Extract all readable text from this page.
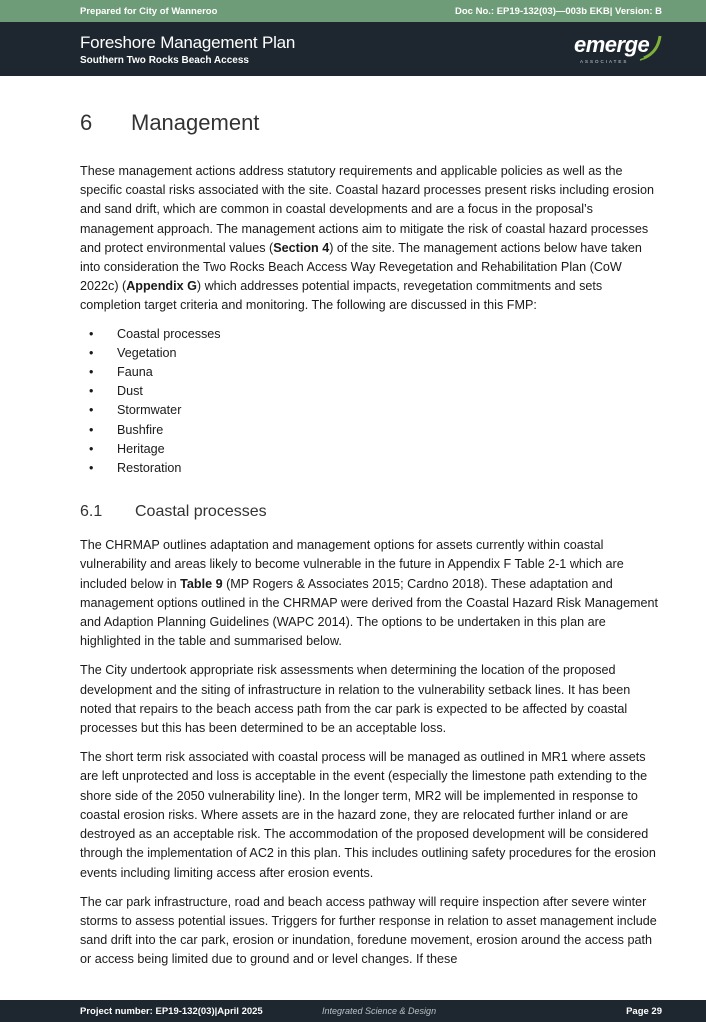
Prepared for City of Wanneroo	Doc No.: EP19-132(03)—003b EKB| Version: B
Foreshore Management Plan
Southern Two Rocks Beach Access
emerge
ASSOCIATES
6	Management

These management actions address statutory requirements and applicable policies as well as the specific coastal risks associated with the site. Coastal hazard processes present risks including erosion and sand drift, which are common in coastal developments and are a focus in the proposal’s management approach. The management actions aim to mitigate the risk of coastal hazard processes and protect environmental values (Section 4) of the site. The management actions below have taken into consideration the Two Rocks Beach Access Way Revegetation and Rehabilitation Plan (CoW 2022c) (Appendix G) which addresses potential impacts, revegetation commitments and sets completion target criteria and monitoring. The following are discussed in this FMP:

•	Coastal processes
•	Vegetation
•	Fauna
•	Dust
•	Stormwater
•	Bushfire
•	Heritage
•	Restoration
6.1	Coastal processes

The CHRMAP outlines adaptation and management options for assets currently within coastal vulnerability and areas likely to become vulnerable in the future in Appendix F Table 2-1 which are included below in Table 9 (MP Rogers & Associates 2015; Cardno 2018). These adaptation and management options outlined in the CHRMAP were derived from the Coastal Hazard Risk Management and Adaption Planning Guidelines (WAPC 2014). The options to be undertaken in this plan are highlighted in the table and summarised below.

The City undertook appropriate risk assessments when determining the location of the proposed development and the siting of infrastructure in relation to the vulnerability setback lines. It has been noted that repairs to the beach access path from the car park is expected to be affected by coastal processes but this has been determined to be an acceptable loss.

The short term risk associated with coastal process will be managed as outlined in MR1 where assets are left unprotected and loss is acceptable in the event (especially the limestone path extending to the shore side of the 2050 vulnerability line). In the longer term, MR2 will be implemented in response to coastal erosion risks. Where assets are in the hazard zone, they are relocated further inland or are destroyed as an acceptable risk. The accommodation of the proposed development will be considered through the implementation of AC2 in this plan. This includes outlining safety procedures for the erosion events including limiting access after erosion events.

The car park infrastructure, road and beach access pathway will require inspection after severe winter storms to assess potential issues. Triggers for further response in relation to asset management include sand drift into the car park, erosion or inundation, foredune movement, erosion around the access path or access being limited due to ground and or level changes. If these

Project number: EP19-132(03)|April 2025	Integrated Science & Design	Page 29
